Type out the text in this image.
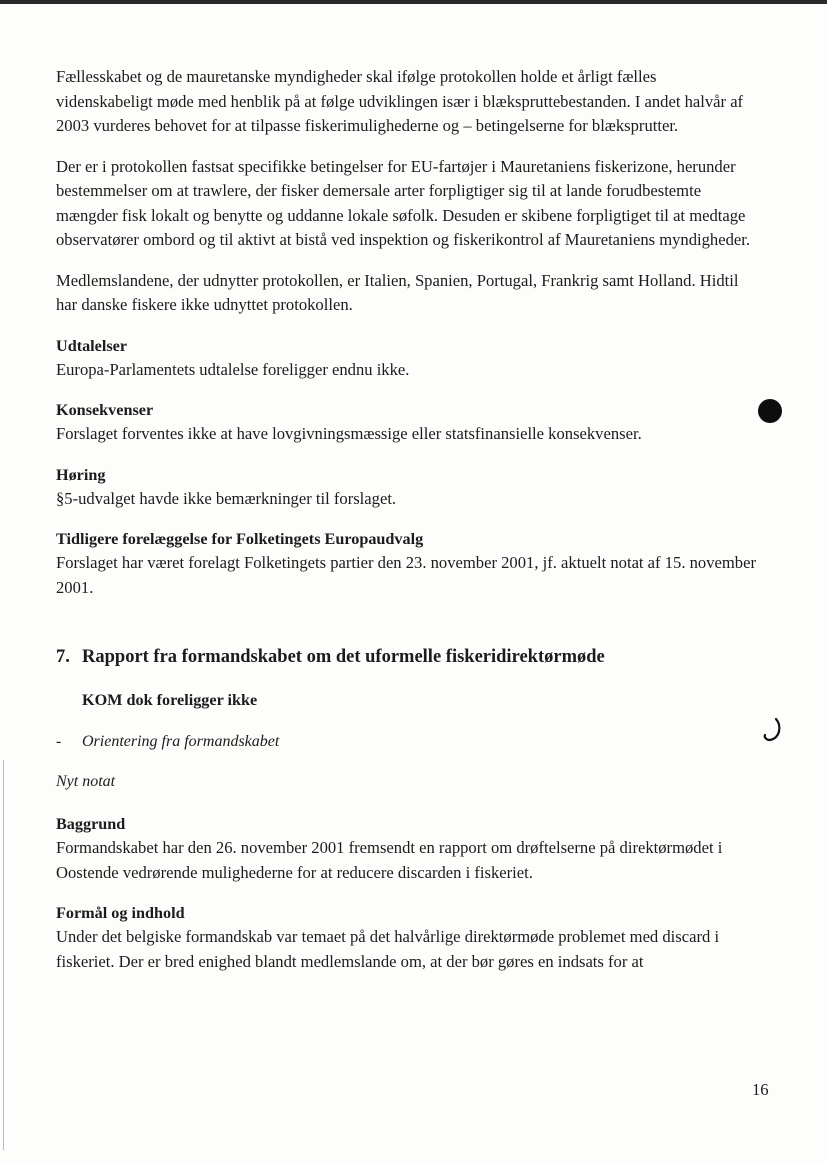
Fællesskabet og de mauretanske myndigheder skal ifølge protokollen holde et årligt fælles videnskabeligt møde med henblik på at følge udviklingen især i blækspruttebestanden. I andet halvår af 2003 vurderes behovet for at tilpasse fiskerimulighederne og – betingelserne for blæksprutter.

Der er i protokollen fastsat specifikke betingelser for EU-fartøjer i Mauretaniens fiskerizone, herunder bestemmelser om at trawlere, der fisker demersale arter forpligtiger sig til at lande forudbestemte mængder fisk lokalt og benytte og uddanne lokale søfolk. Desuden er skibene forpligtiget til at medtage observatører ombord og til aktivt at bistå ved inspektion og fiskerikontrol af Mauretaniens myndigheder.

Medlemslandene, der udnytter protokollen, er Italien, Spanien, Portugal, Frankrig samt Holland. Hidtil har danske fiskere ikke udnyttet protokollen.

Udtalelser

Europa-Parlamentets udtalelse foreligger endnu ikke.

Konsekvenser

Forslaget forventes ikke at have lovgivningsmæssige eller statsfinansielle konsekvenser.

Høring

§5-udvalget havde ikke bemærkninger til forslaget.

Tidligere forelæggelse for Folketingets Europaudvalg

Forslaget har været forelagt Folketingets partier den 23. november 2001, jf. aktuelt notat af 15. november 2001.

7. Rapport fra formandskabet om det uformelle fiskeridirektørmøde
KOM dok foreligger ikke
- Orientering fra formandskabet
Nyt notat
Baggrund

Formandskabet har den 26. november 2001 fremsendt en rapport om drøftelserne på direktørmødet i Oostende vedrørende mulighederne for at reducere discarden i fiskeriet.

Formål og indhold

Under det belgiske formandskab var temaet på det halvårlige direktørmøde problemet med discard i fiskeriet. Der er bred enighed blandt medlemslande om, at der bør gøres en indsats for at

16
